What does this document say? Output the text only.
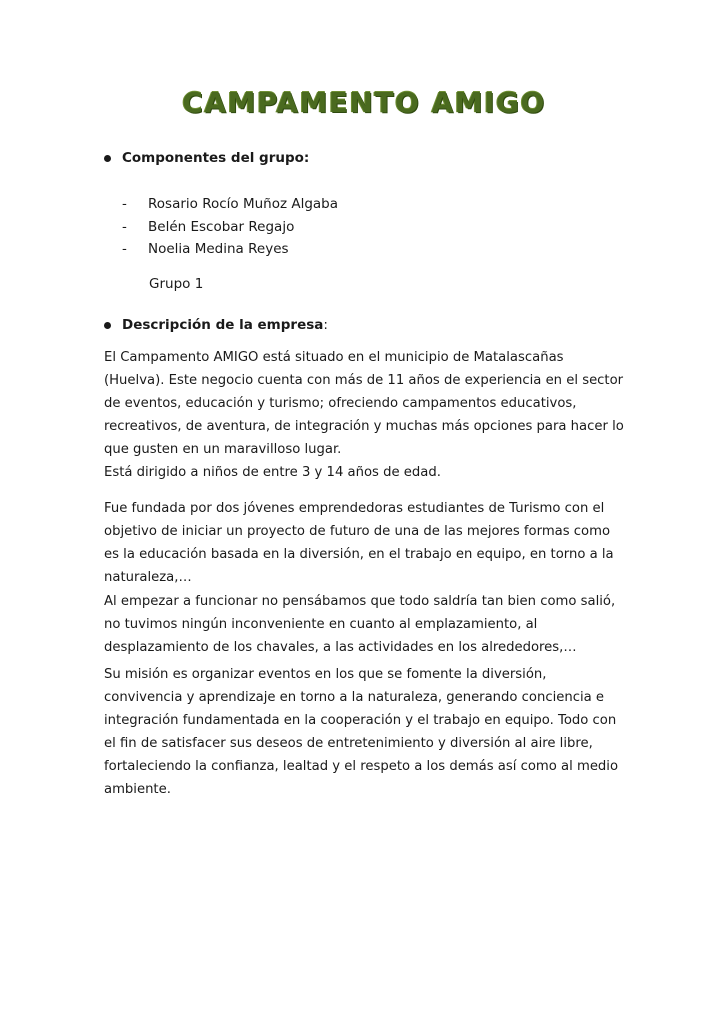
CAMPAMENTO AMIGO
Componentes del grupo:
-	Rosario Rocío Muñoz Algaba
-	Belén Escobar Regajo
-	Noelia Medina Reyes
Grupo 1
Descripción de la empresa :

El Campamento AMIGO está situado en el municipio de Matalascañas (Huelva). Este negocio cuenta con más de 11 años de experiencia en el sector de eventos, educación y turismo; ofreciendo campamentos educativos, recreativos, de aventura, de integración y muchas más opciones para hacer lo que gusten en un maravilloso lugar.

Está dirigido a niños de entre 3 y 14 años de edad.

Fue fundada por dos jóvenes emprendedoras estudiantes de Turismo con el objetivo de iniciar un proyecto de futuro de una de las mejores formas como es la educación basada en la diversión, en el trabajo en equipo, en torno a la naturaleza,…

Al empezar a funcionar no pensábamos que todo saldría tan bien como salió, no tuvimos ningún inconveniente en cuanto al emplazamiento, al desplazamiento de los chavales, a las actividades en los alrededores,…

Su misión es organizar eventos en los que se fomente la diversión, convivencia y aprendizaje en torno a la naturaleza, generando conciencia e integración fundamentada en la cooperación y el trabajo en equipo. Todo con el fin de satisfacer sus deseos de entretenimiento y diversión al aire libre, fortaleciendo la confianza, lealtad y el respeto a los demás así como al medio ambiente.
